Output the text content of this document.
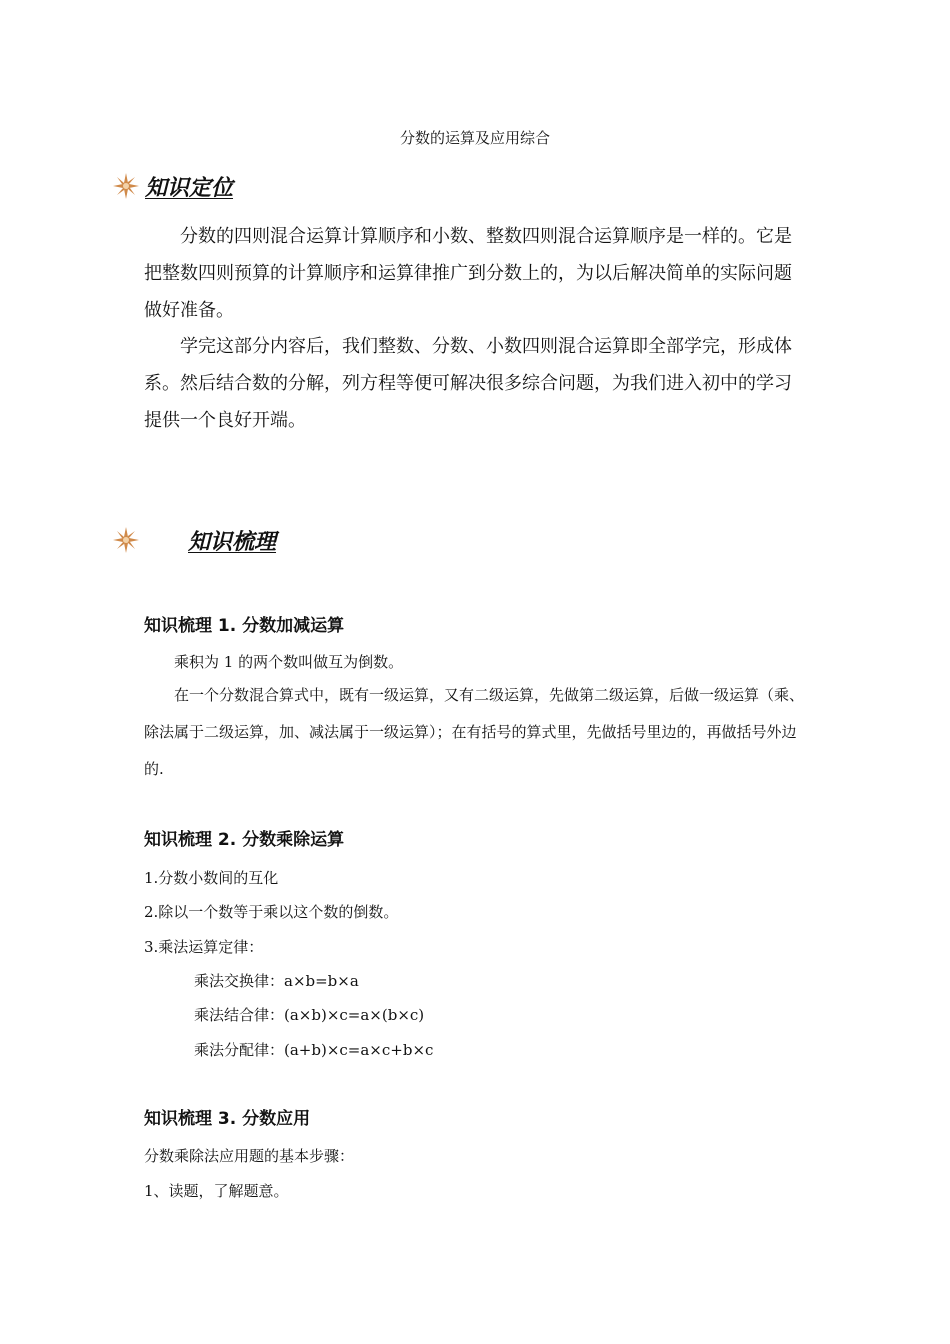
分数的运算及应用综合
知识定位

分数的四则混合运算计算顺序和小数、整数四则混合运算顺序是一样的。它是把整数四则预算的计算顺序和运算律推广到分数上的，为以后解决简单的实际问题做好准备。

学完这部分内容后，我们整数、分数、小数四则混合运算即全部学完，形成体系。然后结合数的分解，列方程等便可解决很多综合问题，为我们进入初中的学习提供一个良好开端。

知识梳理
知识梳理 1. 分数加减运算
乘积为 1 的两个数叫做互为倒数。

在一个分数混合算式中，既有一级运算，又有二级运算，先做第二级运算，后做一级运算（乘、除法属于二级运算，加、减法属于一级运算）；在有括号的算式里，先做括号里边的，再做括号外边的.

知识梳理 2. 分数乘除运算
1.分数小数间的互化
2.除以一个数等于乘以这个数的倒数。
3.乘法运算定律：
乘法交换律：a×b=b×a
乘法结合律：(a×b)×c=a×(b×c)
乘法分配律：(a+b)×c=a×c+b×c
知识梳理 3. 分数应用
分数乘除法应用题的基本步骤：
1、读题，了解题意。
